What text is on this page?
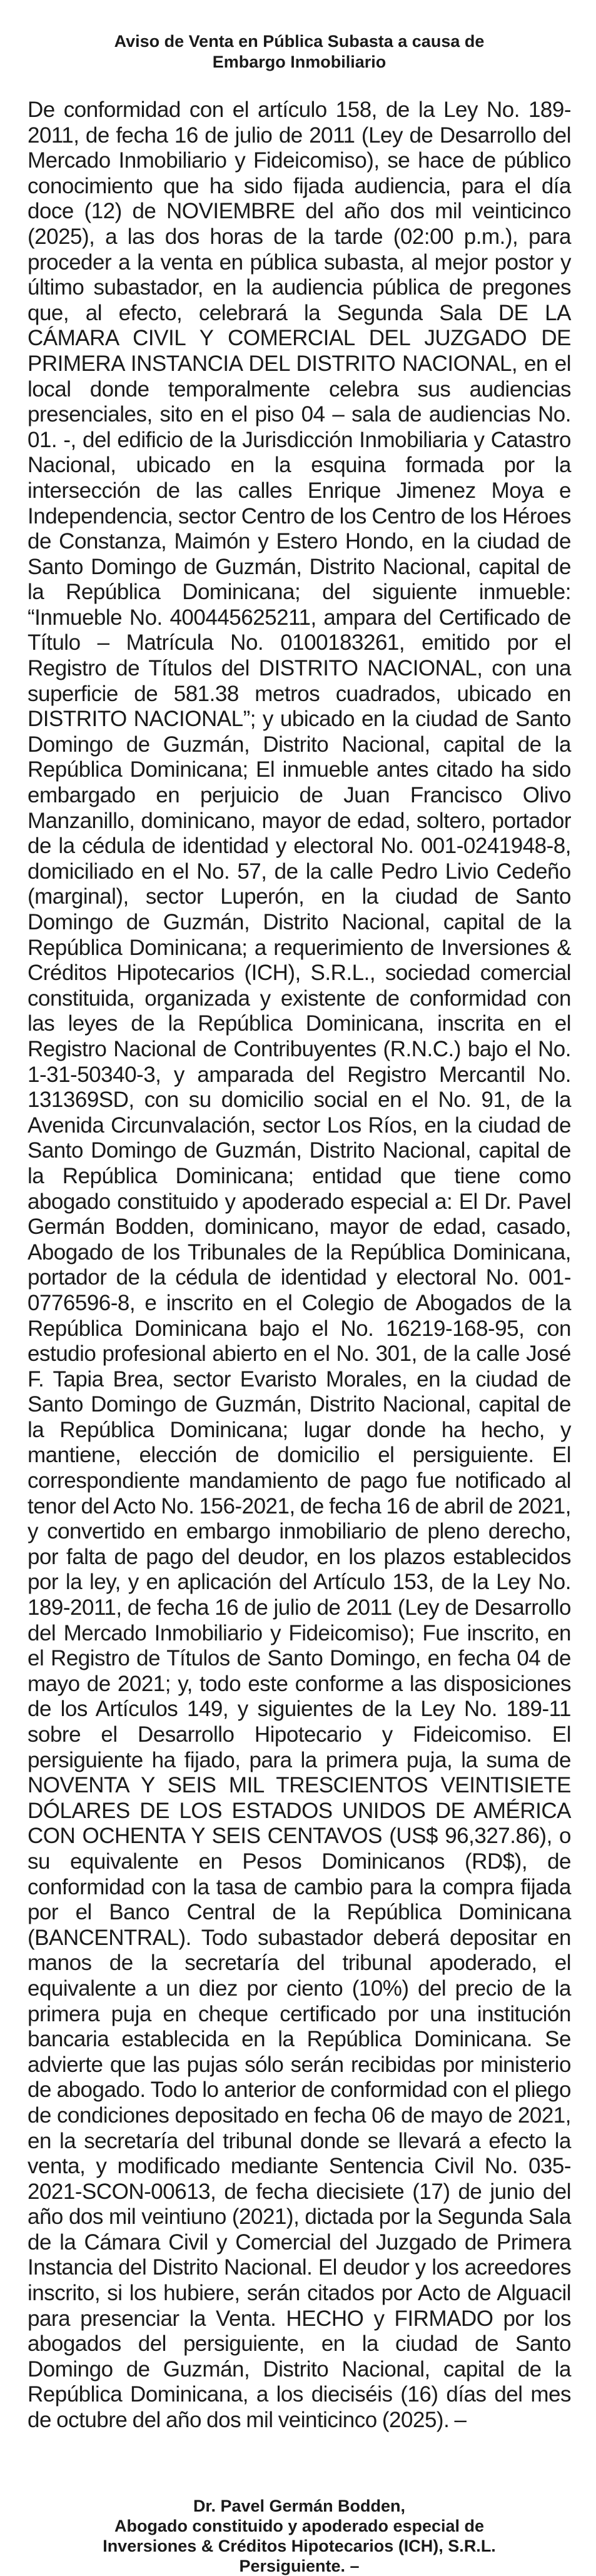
Aviso de Venta en Pública Subasta a causa de
Embargo Inmobiliario

De conformidad con el artículo 158, de la Ley No. 189-2011, de fecha 16 de julio de 2011 (Ley de Desarrollo del Mercado Inmobiliario y Fideicomiso), se hace de público conocimiento que ha sido fijada audiencia, para el día doce (12) de NOVIEMBRE del año dos mil veinticinco (2025), a las dos horas de la tarde (02:00 p.m.), para proceder a la venta en pública subasta, al mejor postor y último subastador, en la audiencia pública de pregones que, al efecto, celebrará la Segunda Sala DE LA CÁMARA CIVIL Y COMERCIAL DEL JUZGADO DE PRIMERA INSTANCIA DEL DISTRITO NACIONAL, en el local donde temporalmente celebra sus audiencias presenciales, sito en el piso 04 – sala de audiencias No. 01. -, del edificio de la Jurisdicción Inmobiliaria y Catastro Nacional, ubicado en la esquina formada por la intersección de las calles Enrique Jimenez Moya e Independencia, sector Centro de los Centro de los Héroes de Constanza, Maimón y Estero Hondo, en la ciudad de Santo Domingo de Guzmán, Distrito Nacional, capital de la República Dominicana; del siguiente inmueble: “Inmueble No. 400445625211, ampara del Certificado de Título – Matrícula No. 0100183261, emitido por el Registro de Títulos del DISTRITO NACIONAL, con una superficie de 581.38 metros cuadrados, ubicado en DISTRITO NACIONAL”; y ubicado en la ciudad de Santo Domingo de Guzmán, Distrito Nacional, capital de la República Dominicana; El inmueble antes citado ha sido embargado en perjuicio de Juan Francisco Olivo Manzanillo, dominicano, mayor de edad, soltero, portador de la cédula de identidad y electoral No. 001-0241948-8, domiciliado en el No. 57, de la calle Pedro Livio Cedeño (marginal), sector Luperón, en la ciudad de Santo Domingo de Guzmán, Distrito Nacional, capital de la República Dominicana; a requerimiento de Inversiones & Créditos Hipotecarios (ICH), S.R.L., sociedad comercial constituida, organizada y existente de conformidad con las leyes de la República Dominicana, inscrita en el Registro Nacional de Contribuyentes (R.N.C.) bajo el No. 1-31-50340-3, y amparada del Registro Mercantil No. 131369SD, con su domicilio social en el No. 91, de la Avenida Circunvalación, sector Los Ríos, en la ciudad de Santo Domingo de Guzmán, Distrito Nacional, capital de la República Dominicana; entidad que tiene como abogado constituido y apoderado especial a: El Dr. Pavel Germán Bodden, dominicano, mayor de edad, casado, Abogado de los Tribunales de la República Dominicana, portador de la cédula de identidad y electoral No. 001-0776596-8, e inscrito en el Colegio de Abogados de la República Dominicana bajo el No. 16219-168-95, con estudio profesional abierto en el No. 301, de la calle José F. Tapia Brea, sector Evaristo Morales, en la ciudad de Santo Domingo de Guzmán, Distrito Nacional, capital de la República Dominicana; lugar donde ha hecho, y mantiene, elección de domicilio el persiguiente. El correspondiente mandamiento de pago fue notificado al tenor del Acto No. 156-2021, de fecha 16 de abril de 2021, y convertido en embargo inmobiliario de pleno derecho, por falta de pago del deudor, en los plazos establecidos por la ley, y en aplicación del Artículo 153, de la Ley No. 189-2011, de fecha 16 de julio de 2011 (Ley de Desarrollo del Mercado Inmobiliario y Fideicomiso); Fue inscrito, en el Registro de Títulos de Santo Domingo, en fecha 04 de mayo de 2021; y, todo este conforme a las disposiciones de los Artículos 149, y siguientes de la Ley No. 189-11 sobre el Desarrollo Hipotecario y Fideicomiso. El persiguiente ha fijado, para la primera puja, la suma de NOVENTA Y SEIS MIL TRESCIENTOS VEINTISIETE DÓLARES DE LOS ESTADOS UNIDOS DE AMÉRICA CON OCHENTA Y SEIS CENTAVOS (US$ 96,327.86), o su equivalente en Pesos Dominicanos (RD$), de conformidad con la tasa de cambio para la compra fijada por el Banco Central de la República Dominicana (BANCENTRAL). Todo subastador deberá depositar en manos de la secretaría del tribunal apoderado, el equivalente a un diez por ciento (10%) del precio de la primera puja en cheque certificado por una institución bancaria establecida en la República Dominicana. Se advierte que las pujas sólo serán recibidas por ministerio de abogado. Todo lo anterior de conformidad con el pliego de condiciones depositado en fecha 06 de mayo de 2021, en la secretaría del tribunal donde se llevará a efecto la venta, y modificado mediante Sentencia Civil No. 035-2021-SCON-00613, de fecha diecisiete (17) de junio del año dos mil veintiuno (2021), dictada por la Segunda Sala de la Cámara Civil y Comercial del Juzgado de Primera Instancia del Distrito Nacional. El deudor y los acreedores inscrito, si los hubiere, serán citados por Acto de Alguacil para presenciar la Venta. HECHO y FIRMADO por los abogados del persiguiente, en la ciudad de Santo Domingo de Guzmán, Distrito Nacional, capital de la República Dominicana, a los dieciséis (16) días del mes de octubre del año dos mil veinticinco (2025). –

Dr. Pavel Germán Bodden,
Abogado constituido y apoderado especial de
Inversiones & Créditos Hipotecarios (ICH), S.R.L.
Persiguiente. –
